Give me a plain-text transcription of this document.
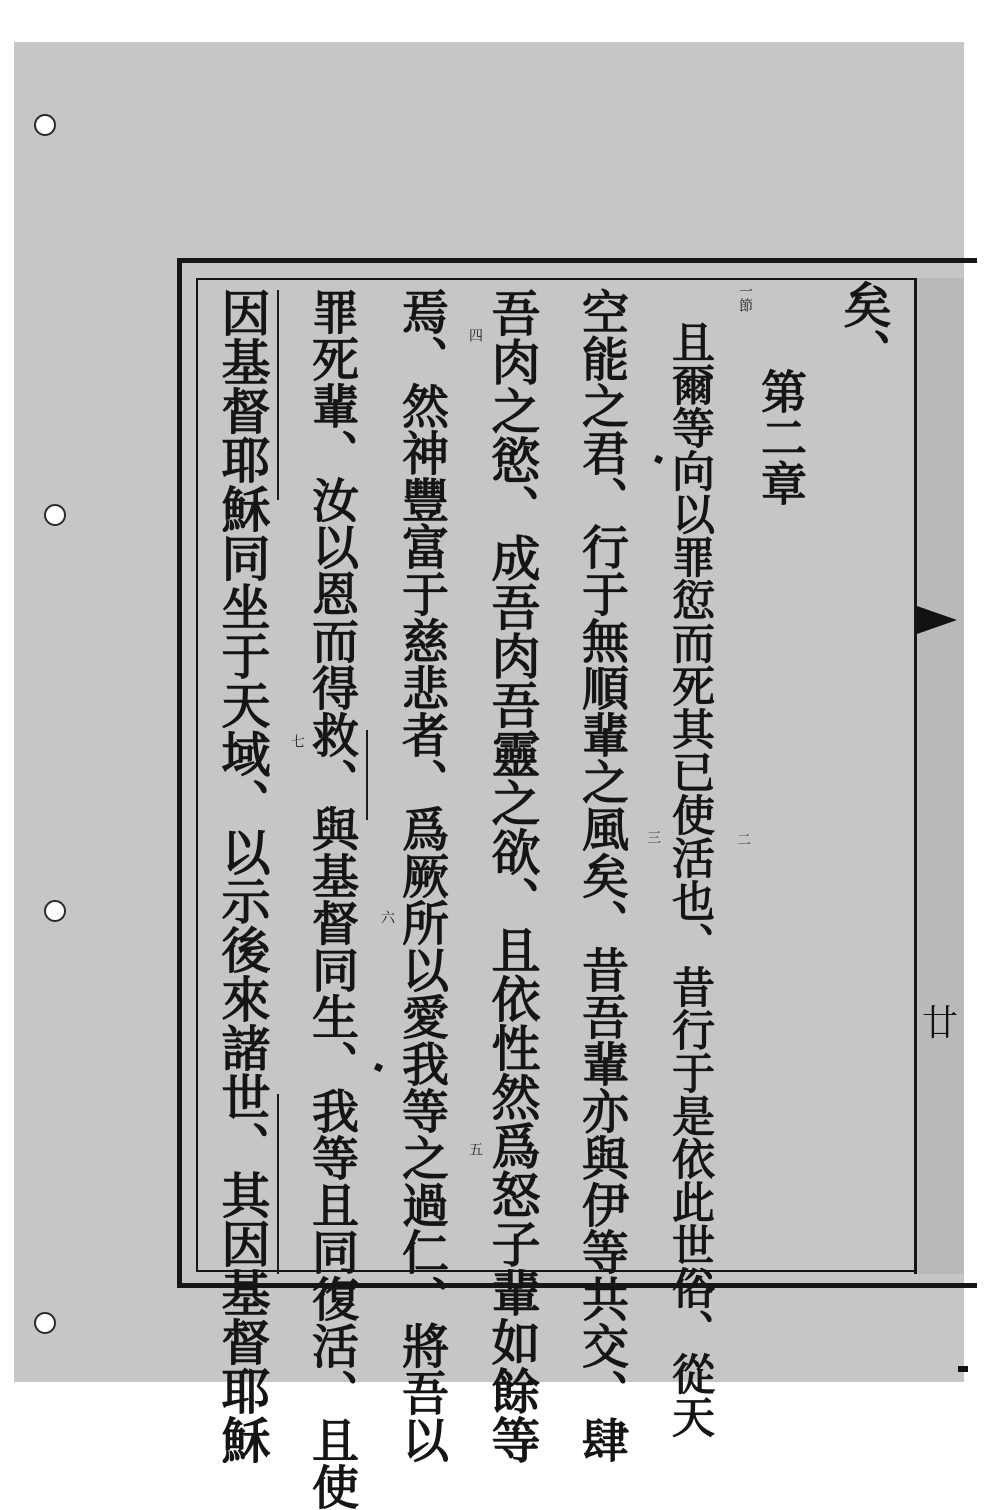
廿
矣、
第二章
且爾等向以罪愆而死其已使活也、昔行于是依此世俗、從天
空能之君、行于無順輩之風矣、昔吾輩亦與伊等共交、肆
吾肉之慾、成吾肉吾靈之欲、且依性然爲怒子輩如餘等
焉、然神豐富于慈悲者、爲厥所以愛我等之過仁、將吾以
罪死輩、汝以恩而得救、與基督同生、我等且同復活、且使
因基督耶穌同坐于天域、以示後來諸世、其因基督耶穌	一節
二
三
四
五
六
七
